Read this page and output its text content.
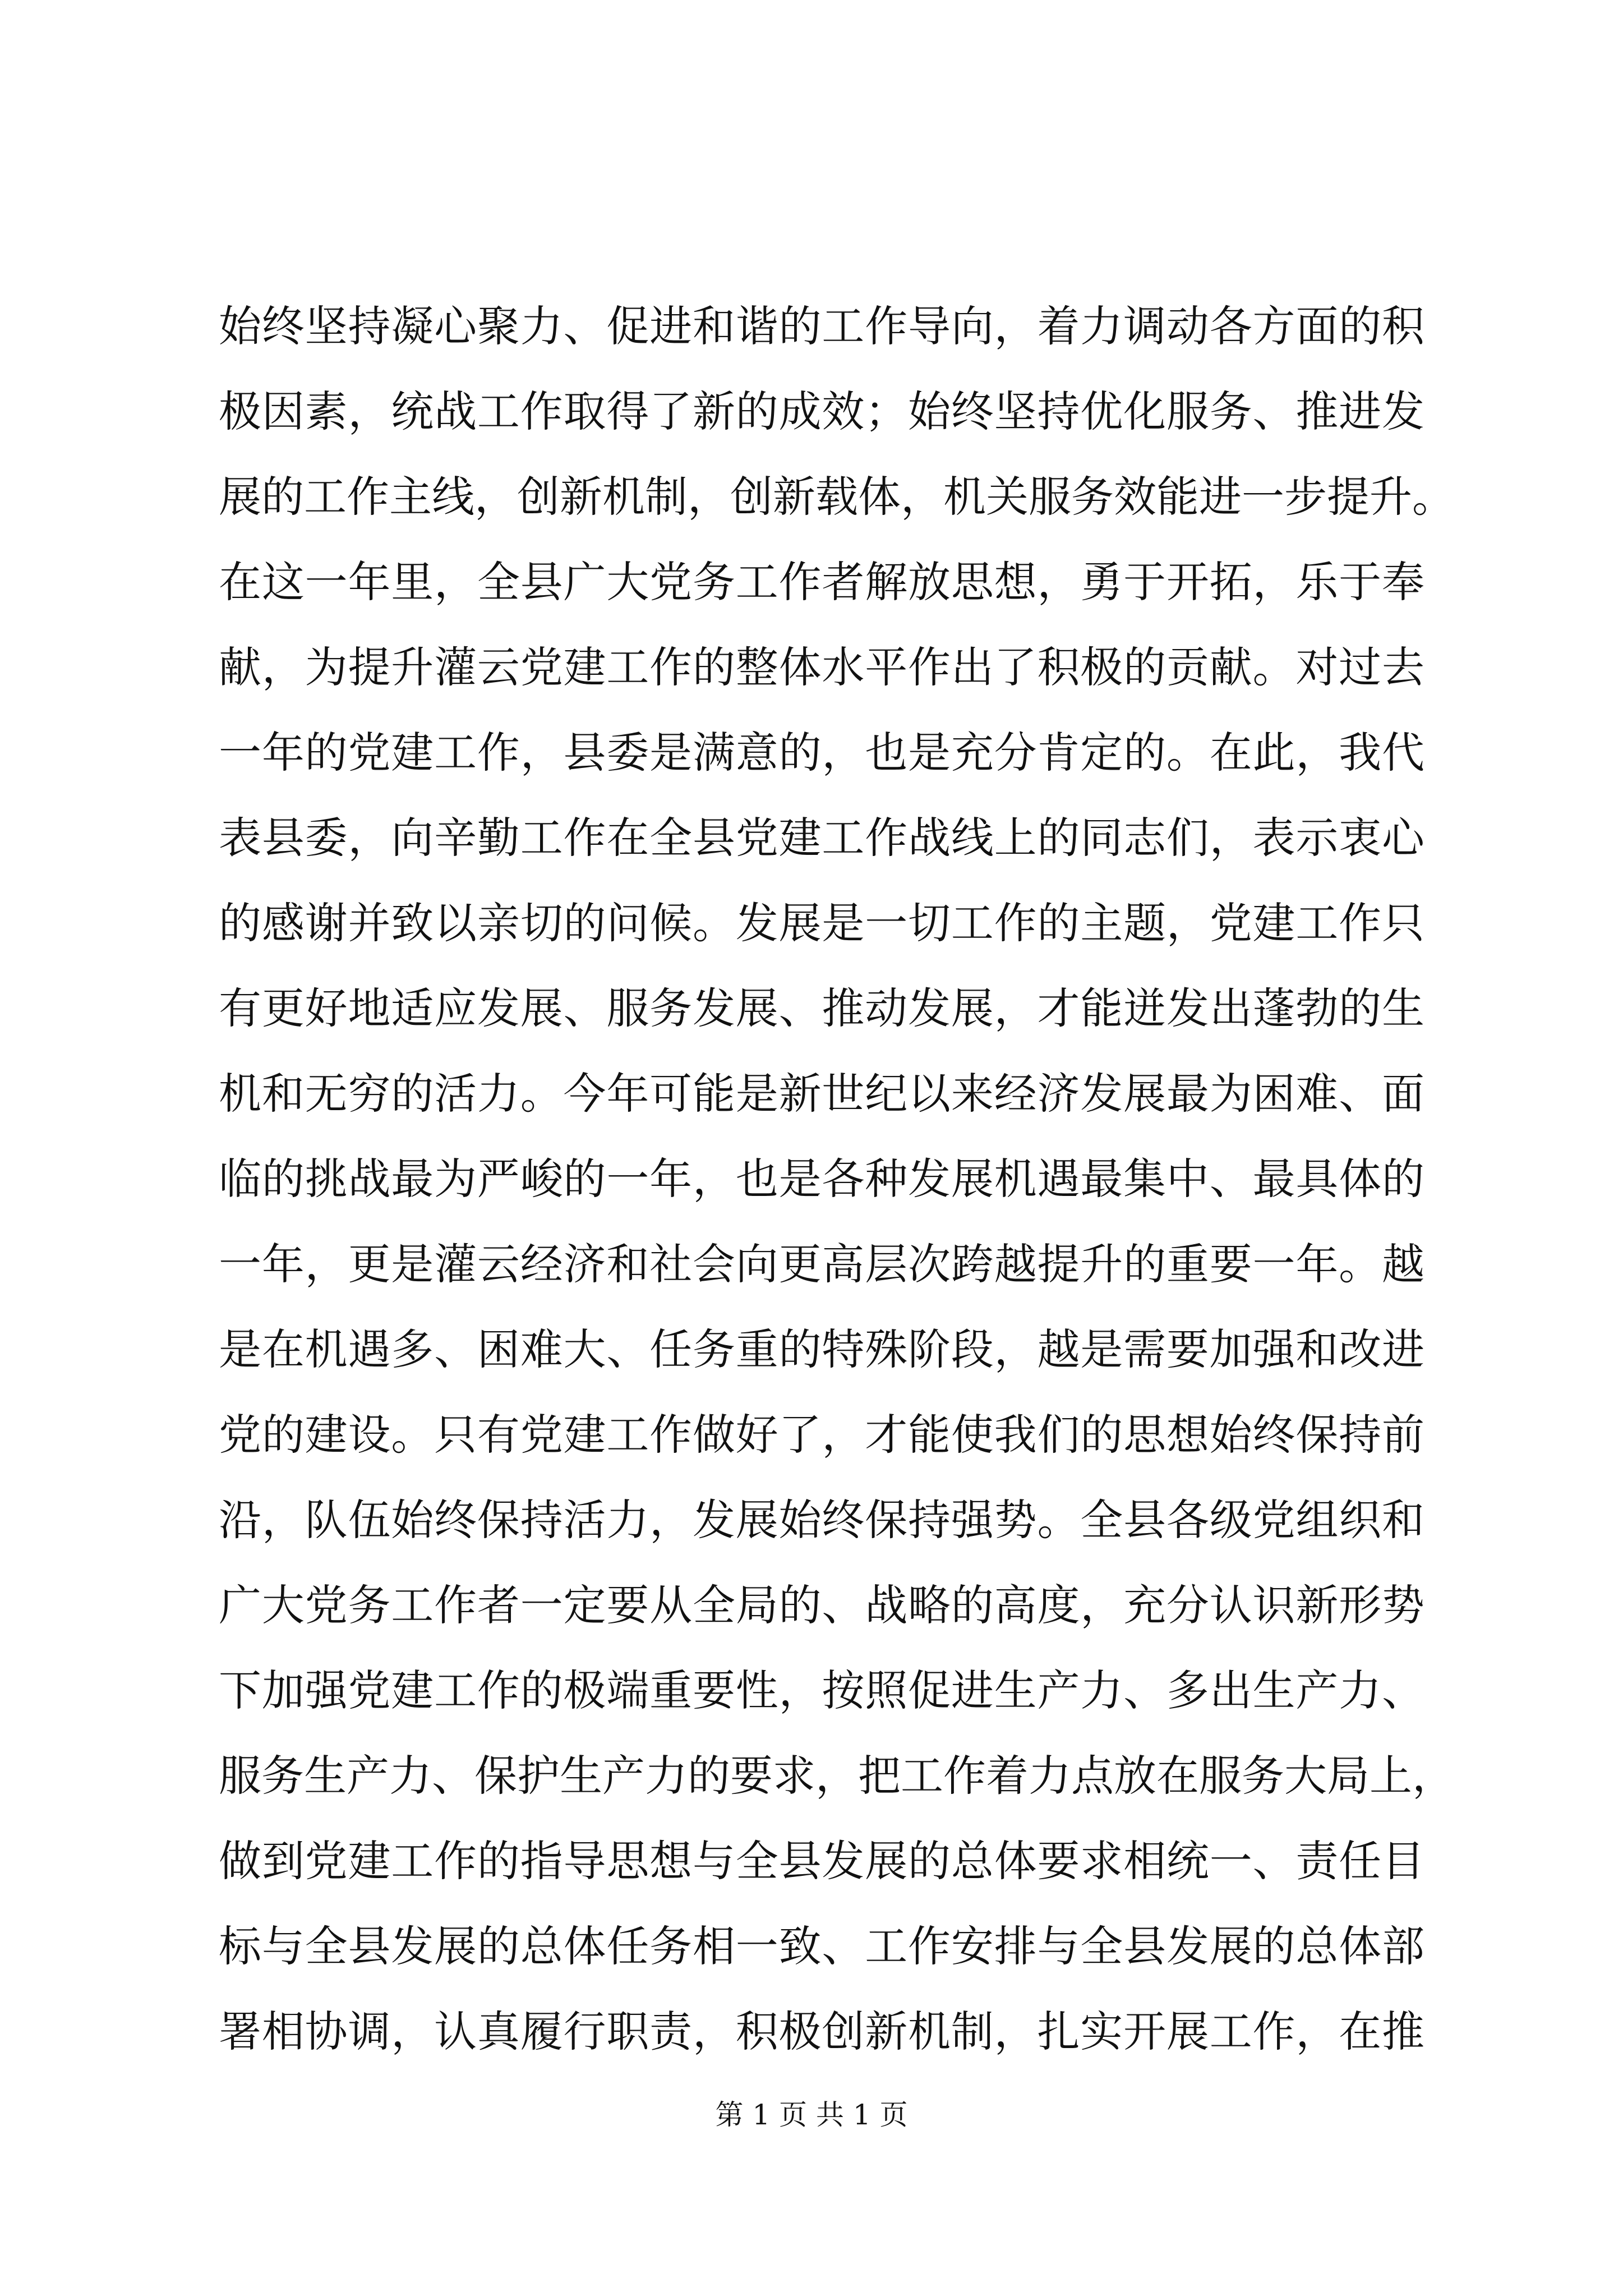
始终坚持凝心聚力、促进和谐的工作导向，着力调动各方面的积
极因素，统战工作取得了新的成效；始终坚持优化服务、推进发
展的工作主线，创新机制，创新载体，机关服务效能进一步提升。
在这一年里，全县广大党务工作者解放思想，勇于开拓，乐于奉
献，为提升灌云党建工作的整体水平作出了积极的贡献。对过去
一年的党建工作，县委是满意的，也是充分肯定的。在此，我代
表县委，向辛勤工作在全县党建工作战线上的同志们，表示衷心
的感谢并致以亲切的问候。发展是一切工作的主题，党建工作只
有更好地适应发展、服务发展、推动发展，才能迸发出蓬勃的生
机和无穷的活力。今年可能是新世纪以来经济发展最为困难、面
临的挑战最为严峻的一年，也是各种发展机遇最集中、最具体的
一年，更是灌云经济和社会向更高层次跨越提升的重要一年。越
是在机遇多、困难大、任务重的特殊阶段，越是需要加强和改进
党的建设。只有党建工作做好了，才能使我们的思想始终保持前
沿，队伍始终保持活力，发展始终保持强势。全县各级党组织和
广大党务工作者一定要从全局的、战略的高度，充分认识新形势
下加强党建工作的极端重要性，按照促进生产力、多出生产力、
服务生产力、保护生产力的要求，把工作着力点放在服务大局上，
做到党建工作的指导思想与全县发展的总体要求相统一、责任目
标与全县发展的总体任务相一致、工作安排与全县发展的总体部
署相协调，认真履行职责，积极创新机制，扎实开展工作，在推
第 1 页 共 1 页
